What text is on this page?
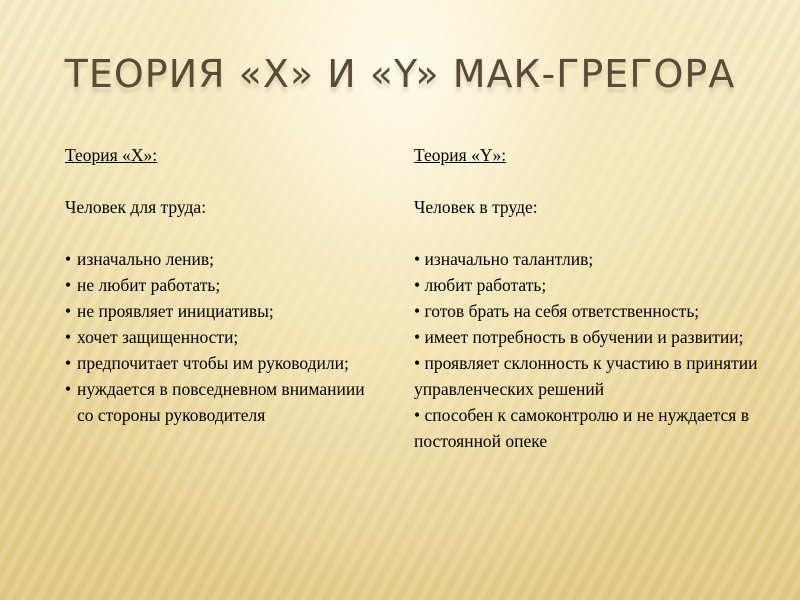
ТЕОРИЯ «Х» И «Y» МАК-ГРЕГОРА
Теория «X»:
Человек для труда:
• изначально ленив;
• не любит работать;
• не проявляет инициативы;
• хочет защищенности;
• предпочитает чтобы им руководили;
• нуждается в повседневном вниманиии со стороны руководителя
Теория «Y»:
Человек в труде:
• изначально талантлив;
• любит работать;
• готов брать на себя ответственность;
• имеет потребность в обучении и развитии;
• проявляет склонность к участию в принятии управленческих решений
• способен к самоконтролю и не нуждается в постоянной опеке
